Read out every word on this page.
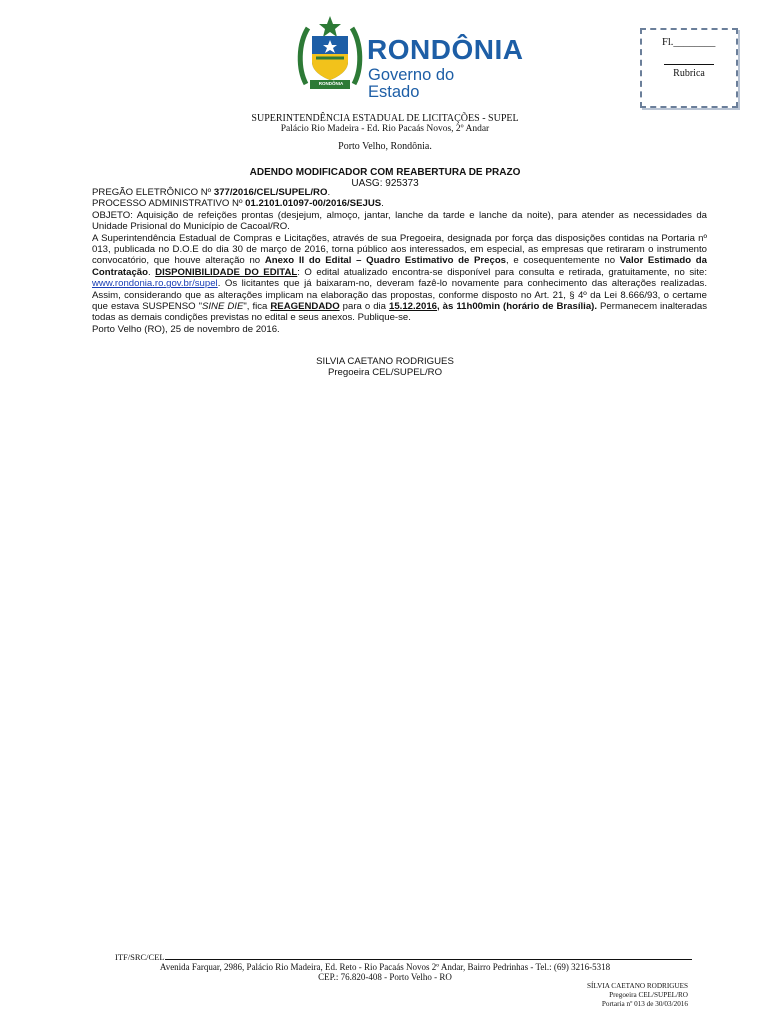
RONDÔNIA
Governo do Estado
RONDÔNIA
Fl.________
Rubrica
SUPERINTENDÊNCIA ESTADUAL DE LICITAÇÕES - SUPEL
Palácio Rio Madeira - Ed. Rio Pacaás Novos, 2º Andar
Porto Velho, Rondônia.
ADENDO MODIFICADOR COM REABERTURA DE PRAZO
UASG: 925373

PREGÃO ELETRÔNICO Nº 377/2016/CEL/SUPEL/RO.

PROCESSO ADMINISTRATIVO Nº 01.2101.01097-00/2016/SEJUS.

OBJETO: Aquisição de refeições prontas (desjejum, almoço, jantar, lanche da tarde e lanche da noite), para atender as necessidades da Unidade Prisional do Município de Cacoal/RO.

A Superintendência Estadual de Compras e Licitações, através de sua Pregoeira, designada por força das disposições contidas na Portaria nº 013, publicada no D.O.E do dia 30 de março de 2016, torna público aos interessados, em especial, as empresas que retiraram o instrumento convocatório, que houve alteração no Anexo II do Edital – Quadro Estimativo de Preços, e cosequentemente no Valor Estimado da Contratação. DISPONIBILIDADE DO EDITAL: O edital atualizado encontra-se disponível para consulta e retirada, gratuitamente, no site: www.rondonia.ro.gov.br/supel. Os licitantes que já baixaram-no, deveram fazê-lo novamente para conhecimento das alterações realizadas. Assim, considerando que as alterações implicam na elaboração das propostas, conforme disposto no Art. 21, § 4º da Lei 8.666/93, o certame que estava SUSPENSO "SINE DIE", fica REAGENDADO para o dia 15.12.2016, às 11h00min (horário de Brasília). Permanecem inalteradas todas as demais condições previstas no edital e seus anexos. Publique-se.

Porto Velho (RO), 25 de novembro de 2016.

SILVIA CAETANO RODRIGUES
Pregoeira CEL/SUPEL/RO
ITF/SRC/CEL
Avenida Farquar, 2986, Palácio Rio Madeira, Ed. Reto - Rio Pacaás Novos 2º Andar, Bairro Pedrinhas - Tel.: (69) 3216-5318
CEP.: 76.820-408 - Porto Velho - RO
SÍLVIA CAETANO RODRIGUES
Pregoeira CEL/SUPEL/RO
Portaria nº 013 de 30/03/2016
